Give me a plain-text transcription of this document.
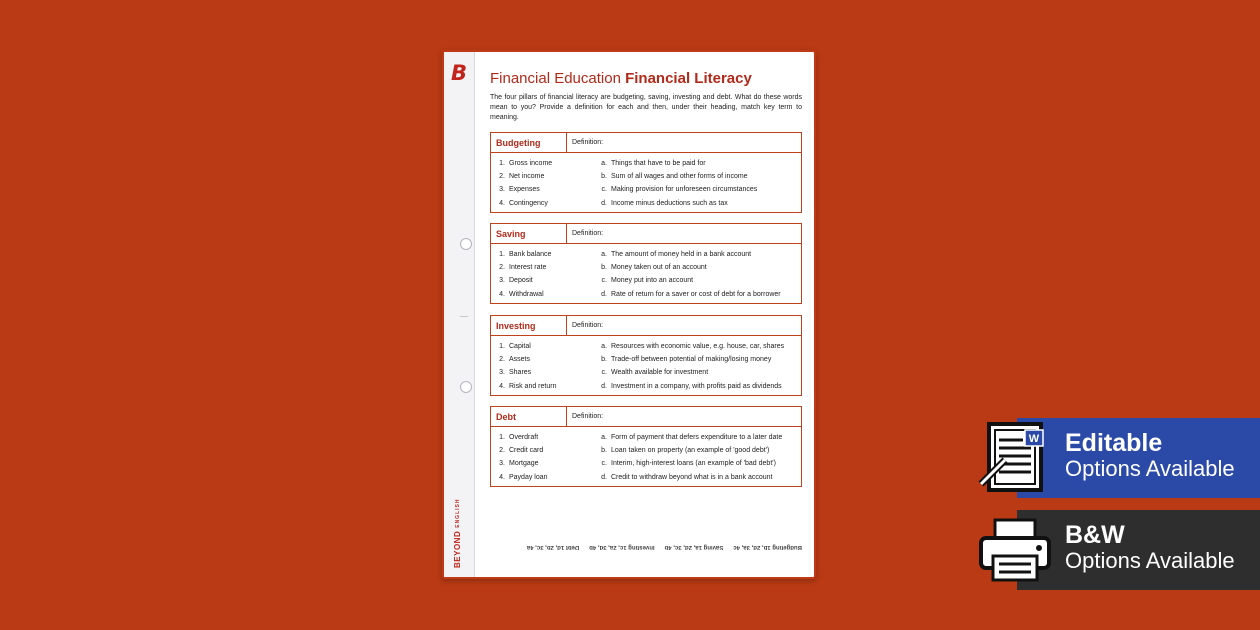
B
BEYONDENGLISH
Financial Education Financial Literacy
The four pillars of financial literacy are budgeting, saving, investing and debt. What do these words mean to you? Provide a definition for each and then, under their heading, match key term to meaning.
Budgeting	Definition:
1. Gross income	a. Things that have to be paid for
2. Net income	b. Sum of all wages and other forms of income
3. Expenses	c. Making provision for unforeseen circumstances
4. Contingency	d. Income minus deductions such as tax
Saving	Definition:
1. Bank balance	a. The amount of money held in a bank account
2. Interest rate	b. Money taken out of an account
3. Deposit	c. Money put into an account
4. Withdrawal	d. Rate of return for a saver or cost of debt for a borrower
Investing	Definition:
1. Capital	a. Resources with economic value, e.g. house, car, shares
2. Assets	b. Trade-off between potential of making/losing money
3. Shares	c. Wealth available for investment
4. Risk and return	d. Investment in a company, with profits paid as dividends
Debt	Definition:
1. Overdraft	a. Form of payment that defers expenditure to a later date
2. Credit card	b. Loan taken on property (an example of 'good debt')
3. Mortgage	c. Interim, high-interest loans (an example of 'bad debt')
4. Payday loan	d. Credit to withdraw beyond what is in a bank account
Budgeting 1b, 2d, 3a, 4c
Saving 1a, 2d, 3c, 4b
Investing 1c, 2a, 3d, 4b
Debt 1d, 2b, 3c, 4a
W Editable
Options Available
B&W
Options Available
